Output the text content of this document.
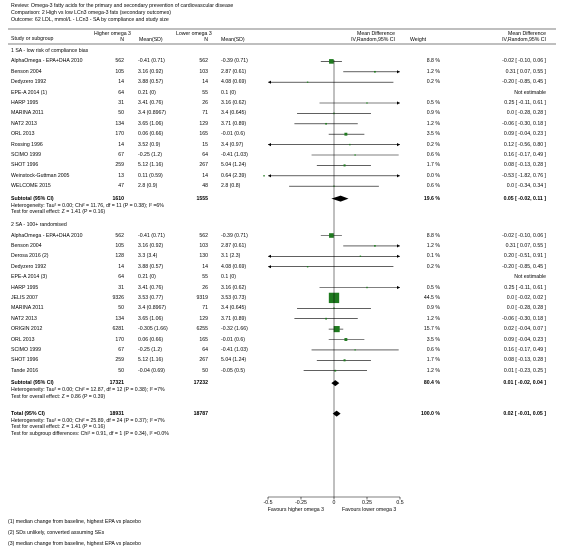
Review: Omega-3 fatty acids for the primary and secondary prevention of cardiovascular disease
Comparison: 2 High vs low LCn3 omega-3 fats (secondary outcomes)
Outcome: 62 LDL, mmol/L - LCn3 - SA by compliance and study size
Study or subgroup
Higher omega 3	Lower omega 3
N	Mean(SD)	N	Mean(SD)
Mean Difference
IV,Random,95% CI	Weight
Mean Difference
IV,Random,95% CI
1 SA - low risk of compliance bias
AlphaOmega - EPA+DHA 2010	562	-0.41 (0.71)	562	-0.39 (0.71)	8.8 %	-0.02 [ -0.10, 0.06 ]
Benson 2004	105	3.16 (0.92)	103	2.87 (0.61)	1.2 %	0.31 [ 0.07, 0.55 ]
Dedyzero 1992	14	3.88 (0.57)	14	4.08 (0.69)	0.2 %	-0.20 [ -0.85, 0.45 ]
EPE-A 2014 (1)	64	0.21 (0)	55	0.1 (0)	Not estimable
HARP 1995	31	3.41 (0.76)	26	3.16 (0.62)	0.5 %	0.25 [ -0.11, 0.61 ]
MARINA 2011	50	3.4 (0.8967)	71	3.4 (0.645)	0.9 %	0.0 [ -0.28, 0.28 ]
NAT2 2013	134	3.65 (1.06)	129	3.71 (0.89)	1.2 %	-0.06 [ -0.30, 0.18 ]
ORL 2013	170	0.06 (0.66)	165	-0.01 (0.6)	3.5 %	0.09 [ -0.04, 0.23 ]
Rossing 1996	14	3.52 (0.9)	15	3.4 (0.97)	0.2 %	0.12 [ -0.56, 0.80 ]
SCIMO 1999	67	-0.25 (1.2)	64	-0.41 (1.03)	0.6 %	0.16 [ -0.17, 0.49 ]
SHOT 1996	259	5.12 (1.16)	267	5.04 (1.24)	1.7 %	0.08 [ -0.13, 0.28 ]
Weinstock-Guttman 2005	13	0.11 (0.59)	14	0.64 (2.39)	0.0 %	-0.53 [ -1.82, 0.76 ]
WELCOME 2015	47	2.8 (0.9)	48	2.8 (0.8)	0.6 %	0.0 [ -0.34, 0.34 ]
Subtotal (95% CI)	1610	1555	19.6 %	0.05 [ -0.02, 0.11 ]
Heterogeneity: Tau² = 0.00; Chi² = 11.76, df = 11 (P = 0.38); I² =6%
Test for overall effect: Z = 1.41 (P = 0.16)
2 SA - 100+ randomised
AlphaOmega - EPA+DHA 2010	562	-0.41 (0.71)	562	-0.39 (0.71)	8.8 %	-0.02 [ -0.10, 0.06 ]
Benson 2004	105	3.16 (0.92)	103	2.87 (0.61)	1.2 %	0.31 [ 0.07, 0.55 ]
Derosa 2016 (2)	128	3.3 (3.4)	130	3.1 (2.3)	0.1 %	0.20 [ -0.51, 0.91 ]
Dedyzero 1992	14	3.88 (0.57)	14	4.08 (0.69)	0.2 %	-0.20 [ -0.85, 0.45 ]
EPE-A 2014 (3)	64	0.21 (0)	55	0.1 (0)	Not estimable
HARP 1995	31	3.41 (0.76)	26	3.16 (0.62)	0.5 %	0.25 [ -0.11, 0.61 ]
JELIS 2007	9326	3.53 (0.77)	9319	3.53 (0.73)	44.5 %	0.0 [ -0.02, 0.02 ]
MARINA 2011	50	3.4 (0.8967)	71	3.4 (0.645)	0.9 %	0.0 [ -0.28, 0.28 ]
NAT2 2013	134	3.65 (1.06)	129	3.71 (0.89)	1.2 %	-0.06 [ -0.30, 0.18 ]
ORIGIN 2012	6281	-0.305 (1.66)	6255	-0.32 (1.66)	15.7 %	0.02 [ -0.04, 0.07 ]
ORL 2013	170	0.06 (0.66)	165	-0.01 (0.6)	3.5 %	0.09 [ -0.04, 0.23 ]
SCIMO 1999	67	-0.25 (1.2)	64	-0.41 (1.03)	0.6 %	0.16 [ -0.17, 0.49 ]
SHOT 1996	259	5.12 (1.16)	267	5.04 (1.24)	1.7 %	0.08 [ -0.13, 0.28 ]
Tande 2016	50	-0.04 (0.69)	50	-0.05 (0.5)	1.2 %	0.01 [ -0.23, 0.25 ]
Subtotal (95% CI)	17321	17232	80.4 %	0.01 [ -0.02, 0.04 ]
Heterogeneity: Tau² = 0.00; Chi² = 12.87, df = 12 (P = 0.38); I² =7%
Test for overall effect: Z = 0.86 (P = 0.39)
Total (95% CI)	18931	18787	100.0 %	0.02 [ -0.01, 0.05 ]
Heterogeneity: Tau² = 0.00; Chi² = 25.89, df = 24 (P = 0.37); I² =7%
Test for overall effect: Z = 1.41 (P = 0.16)
Test for subgroup differences: Chi² = 0.91, df = 1 (P = 0.34), I² =0.0%
-0.5	-0.25	0	0.25	0.5
Favours higher omega 3	Favours lower omega 3
(1) median change from baseline, highest EPA vs placebo
(2) SDs unlikely, converted assuming SEs
(3) median change from baseline, highest EPA vs placebo
